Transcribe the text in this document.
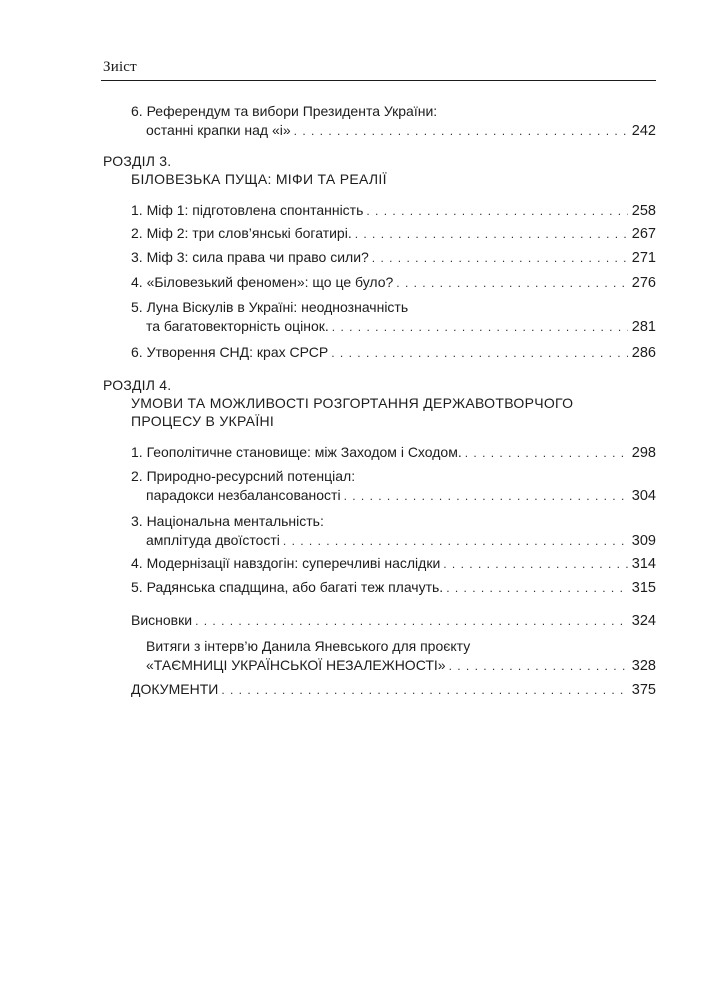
Зиіст
6. Референдум та вибори Президента України:
останні крапки над «і» . . .	242
РОЗДІЛ 3.
БІЛОВЕЗЬКА ПУЩА: МІФИ ТА РЕАЛІЇ
1. Міф 1: підготовлена спонтанність . . .	258
2. Міф 2: три слов’янські богатирі. . . .	267
3. Міф 3: сила права чи право сили? . . .	271
4. «Біловезький феномен»: що це було? . . .	276
5. Луна Віскулів в Україні: неоднозначність
та багатовекторність оцінок. . . .	281
6. Утворення СНД: крах СРСР . . .	286
РОЗДІЛ 4.
УМОВИ ТА МОЖЛИВОСТІ РОЗГОРТАННЯ ДЕРЖАВОТВОРЧОГО
ПРОЦЕСУ В УКРАЇНІ
1. Геополітичне становище: між Заходом і Сходом. . . .	298
2. Природно-ресурсний потенціал:
парадокси незбалансованості . . .	304
3. Національна ментальність:
амплітуда двоїстості . . .	309
4. Модернізації навздогін: суперечливі наслідки . . .	314
5. Радянська спадщина, або багаті теж плачуть. . . .	315
Висновки . . .	324
Витяги з інтерв’ю Данила Яневського для проєкту
«ТАЄМНИЦІ УКРАЇНСЬКОЇ НЕЗАЛЕЖНОСТІ» . . .	328
ДОКУМЕНТИ . . .	375
